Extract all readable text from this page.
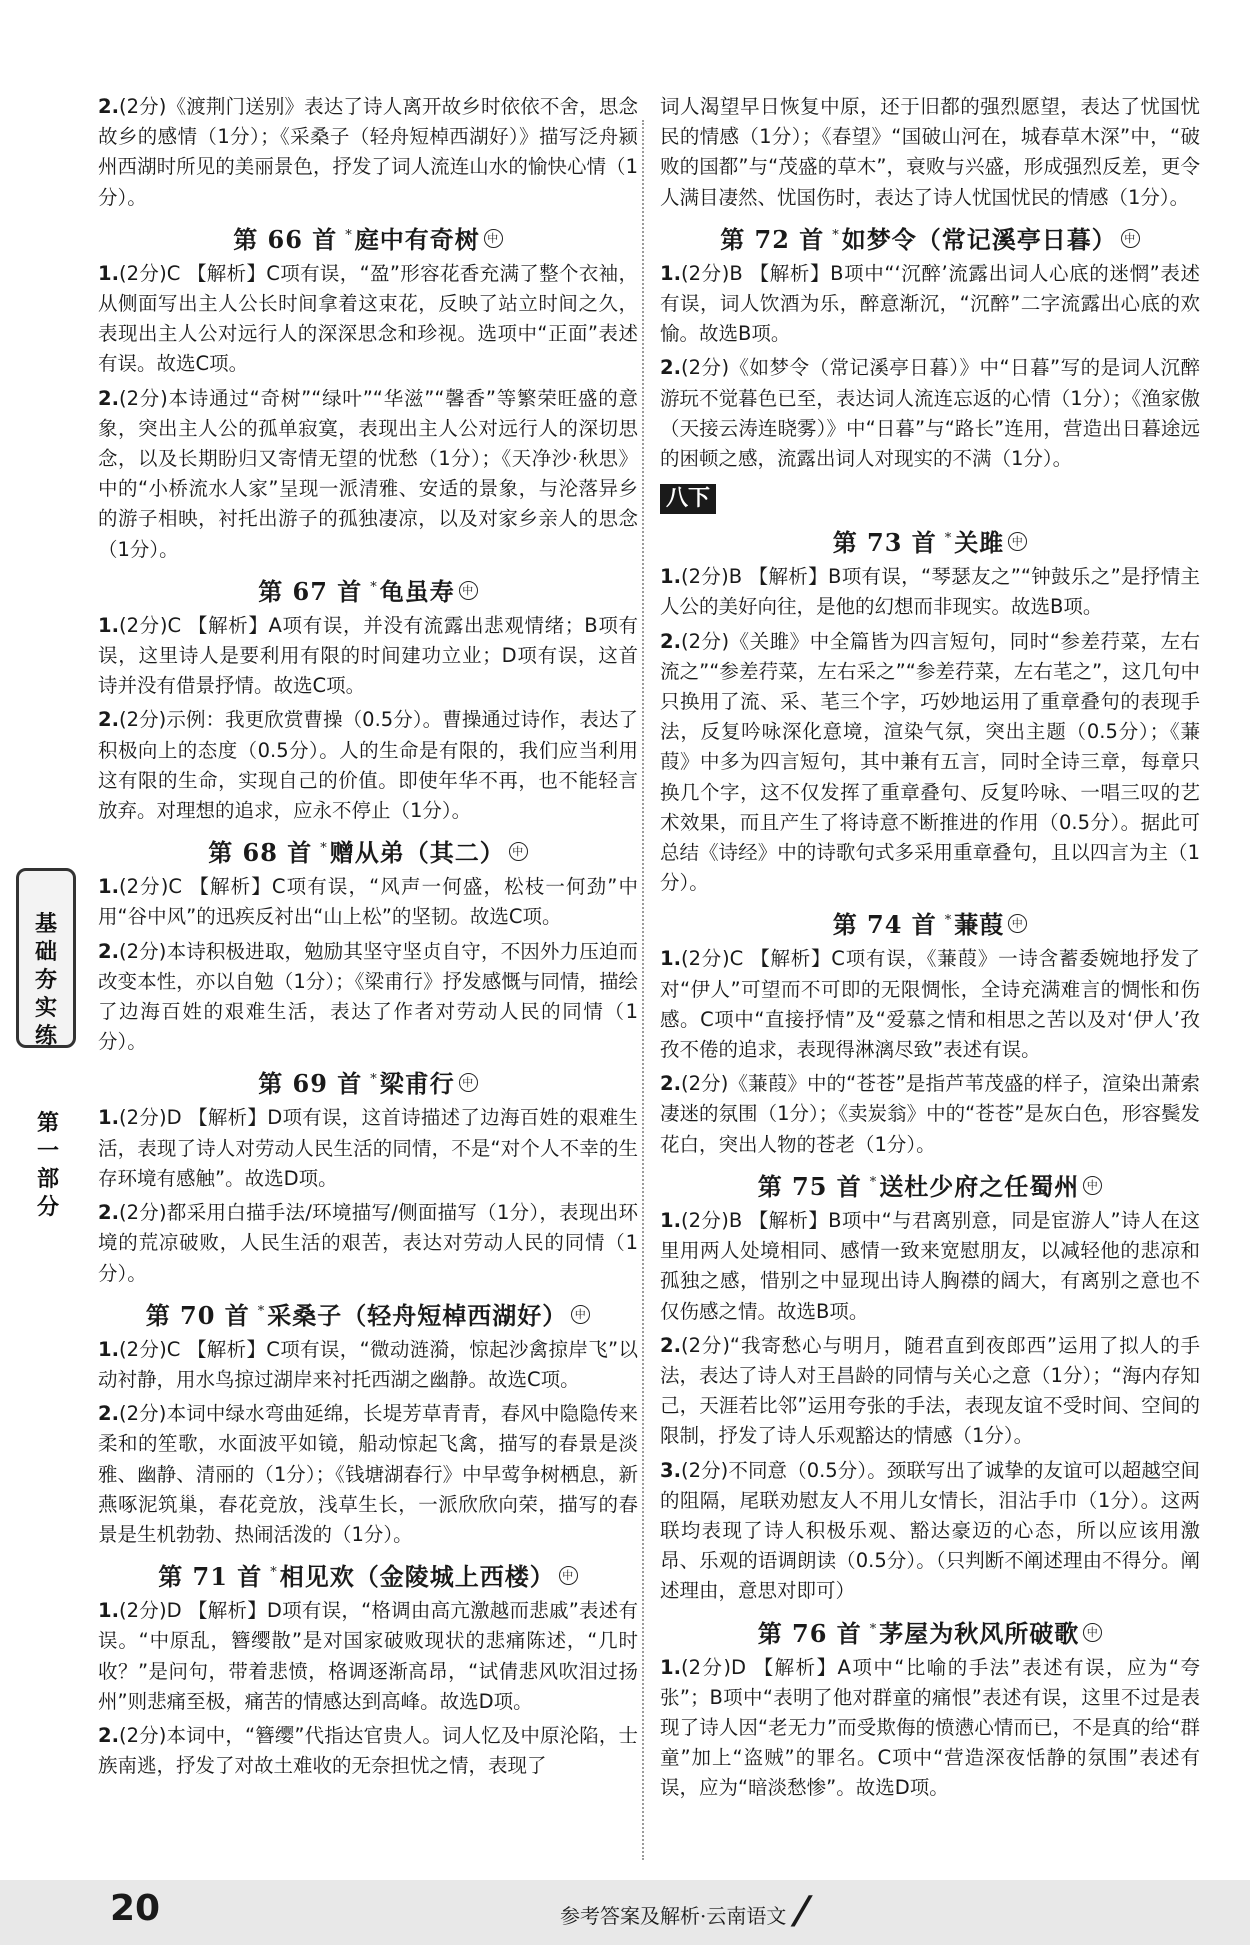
2 . (2分)《渡荆门送别》表达了诗人离开故乡时依依不舍，思念故乡的感情（1分）；《采桑子（轻舟短棹西湖好）》描写泛舟颍州西湖时所见的美丽景色，抒发了词人流连山水的愉快心情（1分）。
第 66 首 *庭中有奇树 中
1 . (2分)C 【解析】C项有误，“盈”形容花香充满了整个衣袖，从侧面写出主人公长时间拿着这束花，反映了站立时间之久，表现出主人公对远行人的深深思念和珍视。选项中“正面”表述有误。故选C项。
2 . (2分)本诗通过“奇树”“绿叶”“华滋”“馨香”等繁荣旺盛的意象，突出主人公的孤单寂寞，表现出主人公对远行人的深切思念，以及长期盼归又寄情无望的忧愁（1分）；《天净沙·秋思》中的“小桥流水人家”呈现一派清雅、安适的景象，与沦落异乡的游子相映，衬托出游子的孤独凄凉，以及对家乡亲人的思念（1分）。
第 67 首 *龟虽寿 中
1 . (2分)C 【解析】A项有误，并没有流露出悲观情绪；B项有误，这里诗人是要利用有限的时间建功立业；D项有误，这首诗并没有借景抒情。故选C项。
2 . (2分)示例：我更欣赏曹操（0.5分）。曹操通过诗作，表达了积极向上的态度（0.5分）。人的生命是有限的，我们应当利用这有限的生命，实现自己的价值。即使年华不再，也不能轻言放弃。对理想的追求，应永不停止（1分）。
第 68 首 *赠从弟（其二） 中
1 . (2分)C 【解析】C项有误，“风声一何盛，松枝一何劲”中用“谷中风”的迅疾反衬出“山上松”的坚韧。故选C项。
2 . (2分)本诗积极进取，勉励其坚守坚贞自守，不因外力压迫而改变本性，亦以自勉（1分）；《梁甫行》抒发感慨与同情，描绘了边海百姓的艰难生活，表达了作者对劳动人民的同情（1分）。
第 69 首 *梁甫行 中
1 . (2分)D 【解析】D项有误，这首诗描述了边海百姓的艰难生活，表现了诗人对劳动人民生活的同情，不是“对个人不幸的生存环境有感触”。故选D项。
2 . (2分)都采用白描手法/环境描写/侧面描写（1分），表现出环境的荒凉破败，人民生活的艰苦，表达对劳动人民的同情（1分）。
第 70 首 *采桑子（轻舟短棹西湖好） 中
1 . (2分)C 【解析】C项有误，“微动涟漪，惊起沙禽掠岸飞”以动衬静，用水鸟掠过湖岸来衬托西湖之幽静。故选C项。
2 . (2分)本词中绿水弯曲延绵，长堤芳草青青，春风中隐隐传来柔和的笙歌，水面波平如镜，船动惊起飞禽，描写的春景是淡雅、幽静、清丽的（1分）；《钱塘湖春行》中早莺争树栖息，新燕啄泥筑巢，春花竞放，浅草生长，一派欣欣向荣，描写的春景是生机勃勃、热闹活泼的（1分）。
第 71 首 *相见欢（金陵城上西楼） 中
1 . (2分)D 【解析】D项有误，“格调由高亢激越而悲戚”表述有误。“中原乱，簪缨散”是对国家破败现状的悲痛陈述，“几时收？”是问句，带着悲愤，格调逐渐高昂，“试倩悲风吹泪过扬州”则悲痛至极，痛苦的情感达到高峰。故选D项。
2 . (2分)本词中，“簪缨”代指达官贵人。词人忆及中原沦陷，士族南逃，抒发了对故土难收的无奈担忧之情，表现了
词人渴望早日恢复中原，还于旧都的强烈愿望，表达了忧国忧民的情感（1分）；《春望》“国破山河在，城春草木深”中，“破败的国都”与“茂盛的草木”，衰败与兴盛，形成强烈反差，更令人满目凄然、忧国伤时，表达了诗人忧国忧民的情感（1分）。
第 72 首 *如梦令（常记溪亭日暮） 中
1 . (2分)B 【解析】B项中“‘沉醉’流露出词人心底的迷惘”表述有误，词人饮酒为乐，醉意渐沉，“沉醉”二字流露出心底的欢愉。故选B项。
2 . (2分)《如梦令（常记溪亭日暮）》中“日暮”写的是词人沉醉游玩不觉暮色已至，表达词人流连忘返的心情（1分）；《渔家傲（天接云涛连晓雾）》中“日暮”与“路长”连用，营造出日暮途远的困顿之感，流露出词人对现实的不满（1分）。
八下
第 73 首 *关雎 中
1 . (2分)B 【解析】B项有误，“琴瑟友之”“钟鼓乐之”是抒情主人公的美好向往，是他的幻想而非现实。故选B项。
2 . (2分)《关雎》中全篇皆为四言短句，同时“参差荇菜，左右流之”“参差荇菜，左右采之”“参差荇菜，左右芼之”，这几句中只换用了流、采、芼三个字，巧妙地运用了重章叠句的表现手法，反复吟咏深化意境，渲染气氛，突出主题（0.5分）；《蒹葭》中多为四言短句，其中兼有五言，同时全诗三章，每章只换几个字，这不仅发挥了重章叠句、反复吟咏、一唱三叹的艺术效果，而且产生了将诗意不断推进的作用（0.5分）。据此可总结《诗经》中的诗歌句式多采用重章叠句，且以四言为主（1分）。
第 74 首 *蒹葭 中
1 . (2分)C 【解析】C项有误，《蒹葭》一诗含蓄委婉地抒发了对“伊人”可望而不可即的无限惆怅，全诗充满难言的惆怅和伤感。C项中“直接抒情”及“爱慕之情和相思之苦以及对‘伊人’孜孜不倦的追求，表现得淋漓尽致”表述有误。
2 . (2分)《蒹葭》中的“苍苍”是指芦苇茂盛的样子，渲染出萧索凄迷的氛围（1分）；《卖炭翁》中的“苍苍”是灰白色，形容鬓发花白，突出人物的苍老（1分）。
第 75 首 *送杜少府之任蜀州 中
1 . (2分)B 【解析】B项中“与君离别意，同是宦游人”诗人在这里用两人处境相同、感情一致来宽慰朋友，以减轻他的悲凉和孤独之感，惜别之中显现出诗人胸襟的阔大，有离别之意也不仅伤感之情。故选B项。
2 . (2分)“我寄愁心与明月，随君直到夜郎西”运用了拟人的手法，表达了诗人对王昌龄的同情与关心之意（1分）；“海内存知己，天涯若比邻”运用夸张的手法，表现友谊不受时间、空间的限制，抒发了诗人乐观豁达的情感（1分）。
3 . (2分)不同意（0.5分）。颈联写出了诚挚的友谊可以超越空间的阻隔，尾联劝慰友人不用儿女情长，泪沾手巾（1分）。这两联均表现了诗人积极乐观、豁达豪迈的心态，所以应该用激昂、乐观的语调朗读（0.5分）。（只判断不阐述理由不得分。阐述理由，意思对即可）
第 76 首 *茅屋为秋风所破歌 中
1 . (2分)D 【解析】A项中“比喻的手法”表述有误，应为“夸张”；B项中“表明了他对群童的痛恨”表述有误，这里不过是表现了诗人因“老无力”而受欺侮的愤懑心情而已，不是真的给“群童”加上“盗贼”的罪名。C项中“营造深夜恬静的氛围”表述有误，应为“暗淡愁惨”。故选D项。
基础夯实练
第一部分
20	参考答案及解析·云南语文 /
